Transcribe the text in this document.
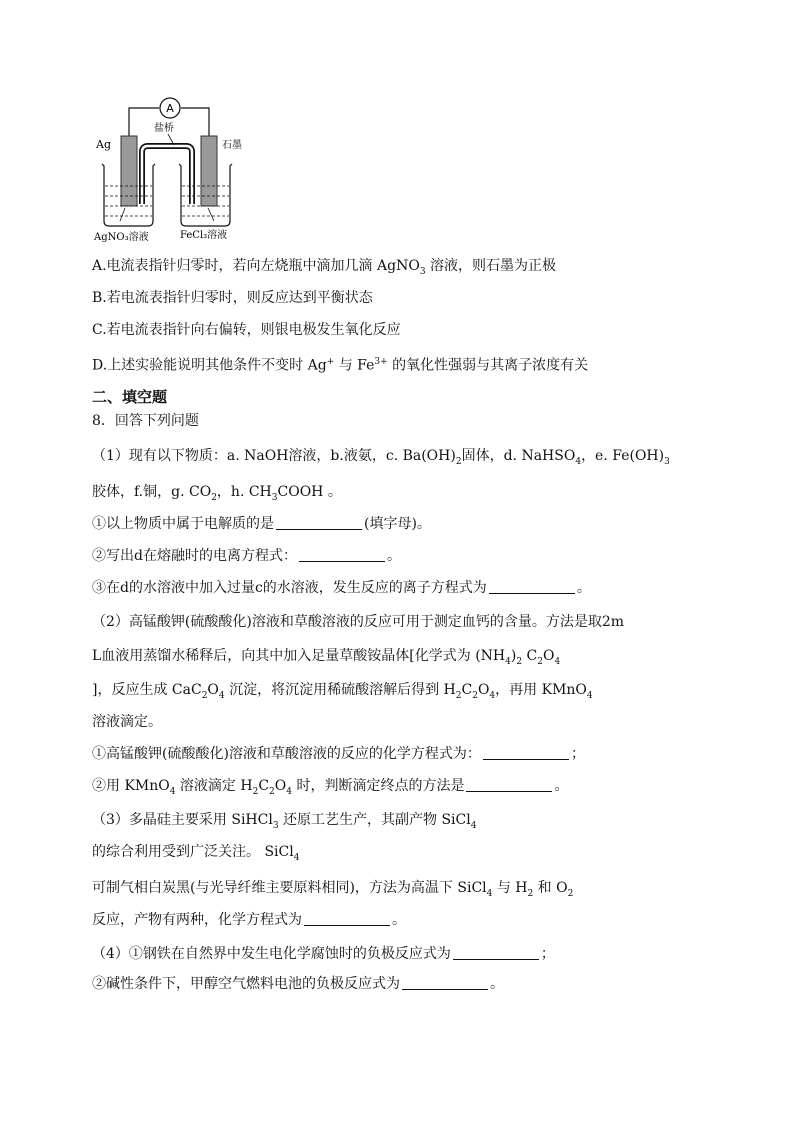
A
盐桥
Ag	石墨
AgNO₃溶液	FeCl₃溶液
A.电流表指针归零时，若向左烧瓶中滴加几滴 AgNO$_3$ 溶液，则石墨为正极
B.若电流表指针归零时，则反应达到平衡状态
C.若电流表指针向右偏转，则银电极发生氧化反应
D.上述实验能说明其他条件不变时 Ag+ 与 $Fe^{3+}$ 的氧化性强弱与其离子浓度有关
二、填空题
8．回答下列问题
（1）现有以下物质：a. NaOH溶液，b.液氨，c. $Ba(OH)_2$固体，d. NaHSO$_4$，e. $Fe(OH)_3$
胶体，f.铜，g. $CO_2$，h. $CH_3COOH$ 。
①以上物质中属于电解质的是	(填字母)。
②写出d在熔融时的电离方程式：	。
③在d的水溶液中加入过量c的水溶液，发生反应的离子方程式为	。
（2）高锰酸钾(硫酸酸化)溶液和草酸溶液的反应可用于测定血钙的含量。方法是取2m
L血液用蒸馏水稀释后，向其中加入足量草酸铵晶体[化学式为 $(NH_4)_2$ $C_2O_4$
]，反应生成 $CaC_2O_4$ 沉淀，将沉淀用稀硫酸溶解后得到 $H_2C_2O_4$，再用 KMnO$_4$
溶液滴定。
①高锰酸钾(硫酸酸化)溶液和草酸溶液的反应的化学方程式为：	；
②用 KMnO$_4$ 溶液滴定 $H_2C_2O_4$ 时，判断滴定终点的方法是	。
（3）多晶硅主要采用 SiHCl$_3$ 还原工艺生产，其副产物 SiCl$_4$
的综合利用受到广泛关注。 SiCl$_4$
可制气相白炭黑(与光导纤维主要原料相同)，方法为高温下 SiCl$_4$ 与 $H_2$ 和 $O_2$
反应，产物有两种，化学方程式为	。
（4）①钢铁在自然界中发生电化学腐蚀时的负极反应式为	；
②碱性条件下，甲醇空气燃料电池的负极反应式为	。
